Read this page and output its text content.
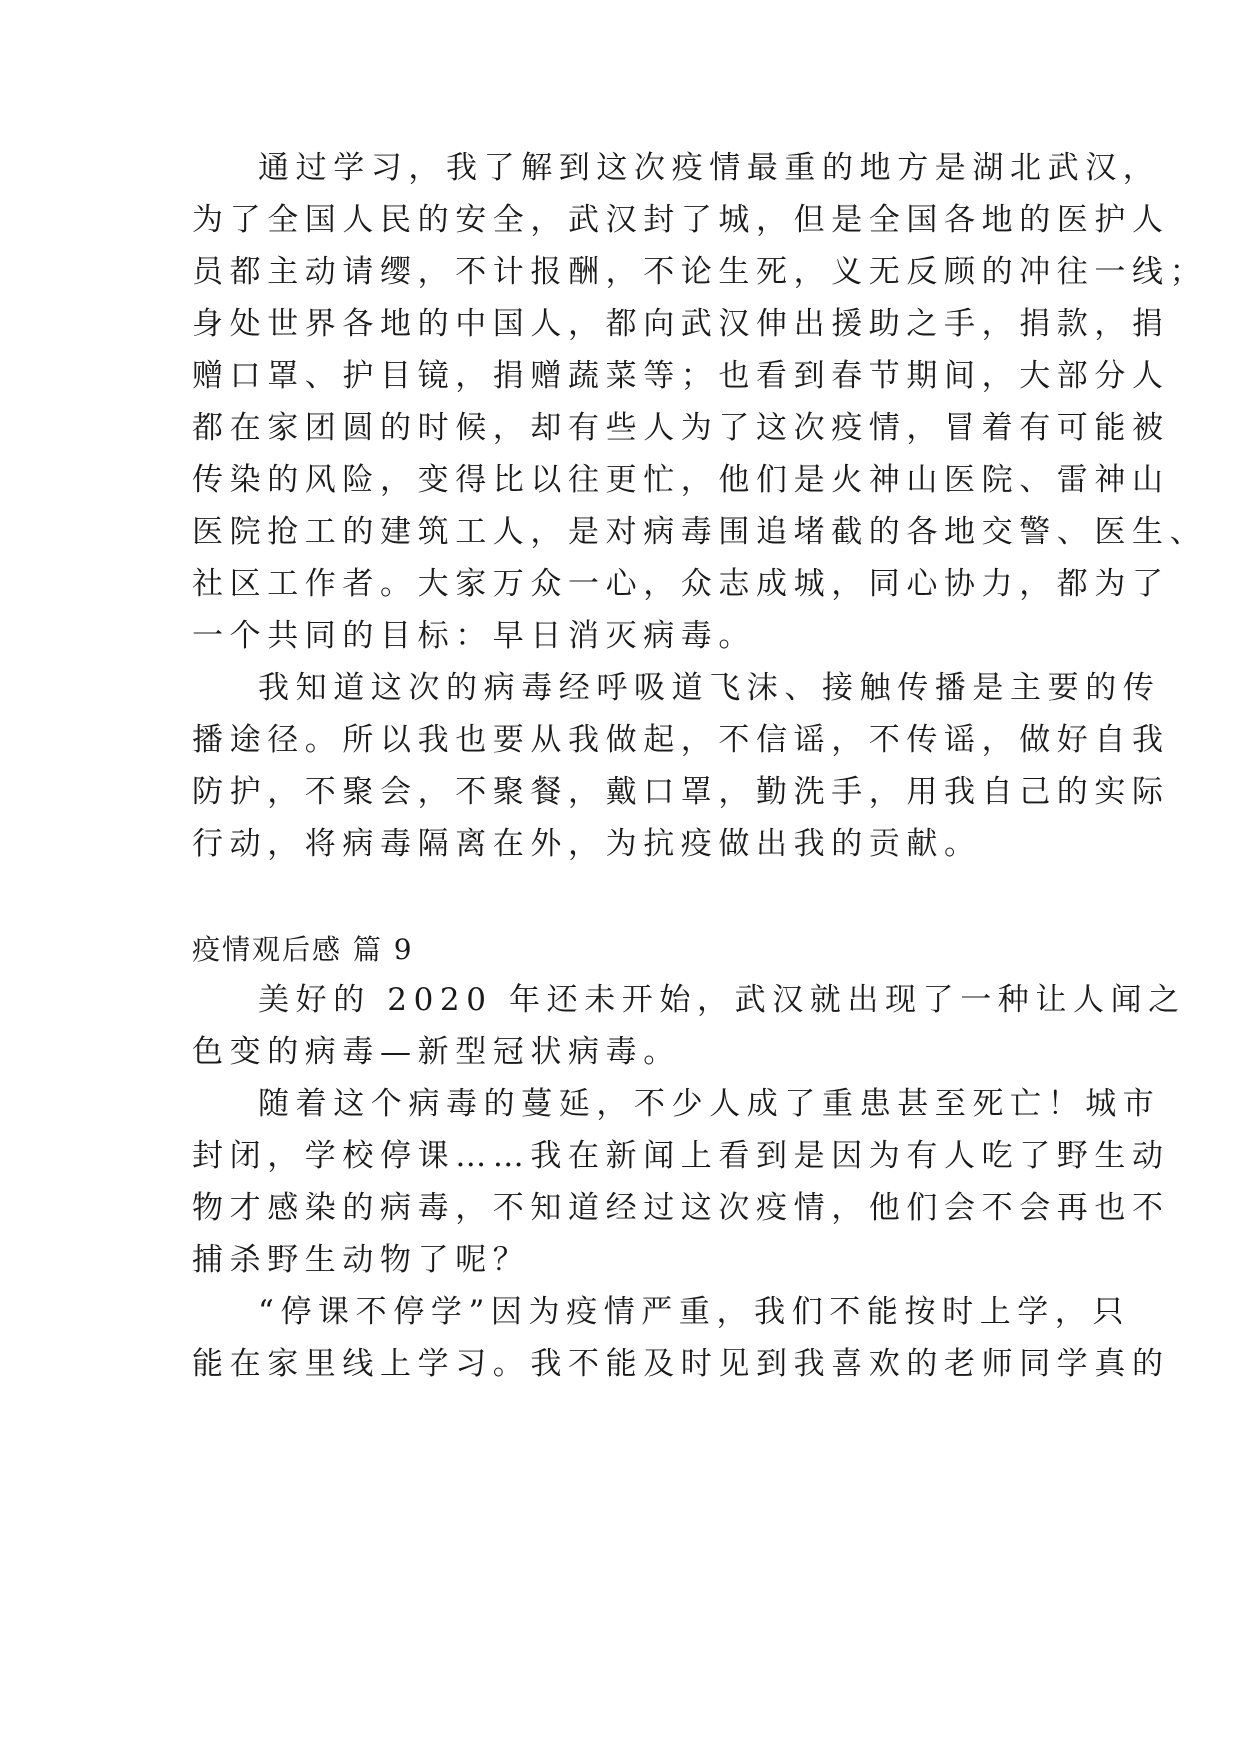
通过学习，我了解到这次疫情最重的地方是湖北武汉，
为了全国人民的安全，武汉封了城，但是全国各地的医护人
员都主动请缨，不计报酬，不论生死，义无反顾的冲往一线；
身处世界各地的中国人，都向武汉伸出援助之手，捐款，捐
赠口罩、护目镜，捐赠蔬菜等；也看到春节期间，大部分人
都在家团圆的时候，却有些人为了这次疫情，冒着有可能被
传染的风险，变得比以往更忙，他们是火神山医院、雷神山
医院抢工的建筑工人，是对病毒围追堵截的各地交警、医生、
社区工作者。大家万众一心，众志成城，同心协力，都为了
一个共同的目标：早日消灭病毒。
我知道这次的病毒经呼吸道飞沫、接触传播是主要的传
播途径。所以我也要从我做起，不信谣，不传谣，做好自我
防护，不聚会，不聚餐，戴口罩，勤洗手，用我自己的实际
行动，将病毒隔离在外，为抗疫做出我的贡献。
疫情观后感 篇 9
美好的 2020 年还未开始，武汉就出现了一种让人闻之
色变的病毒—新型冠状病毒。
随着这个病毒的蔓延，不少人成了重患甚至死亡！城市
封闭，学校停课……我在新闻上看到是因为有人吃了野生动
物才感染的病毒，不知道经过这次疫情，他们会不会再也不
捕杀野生动物了呢？
“停课不停学”因为疫情严重，我们不能按时上学，只
能在家里线上学习。我不能及时见到我喜欢的老师同学真的
